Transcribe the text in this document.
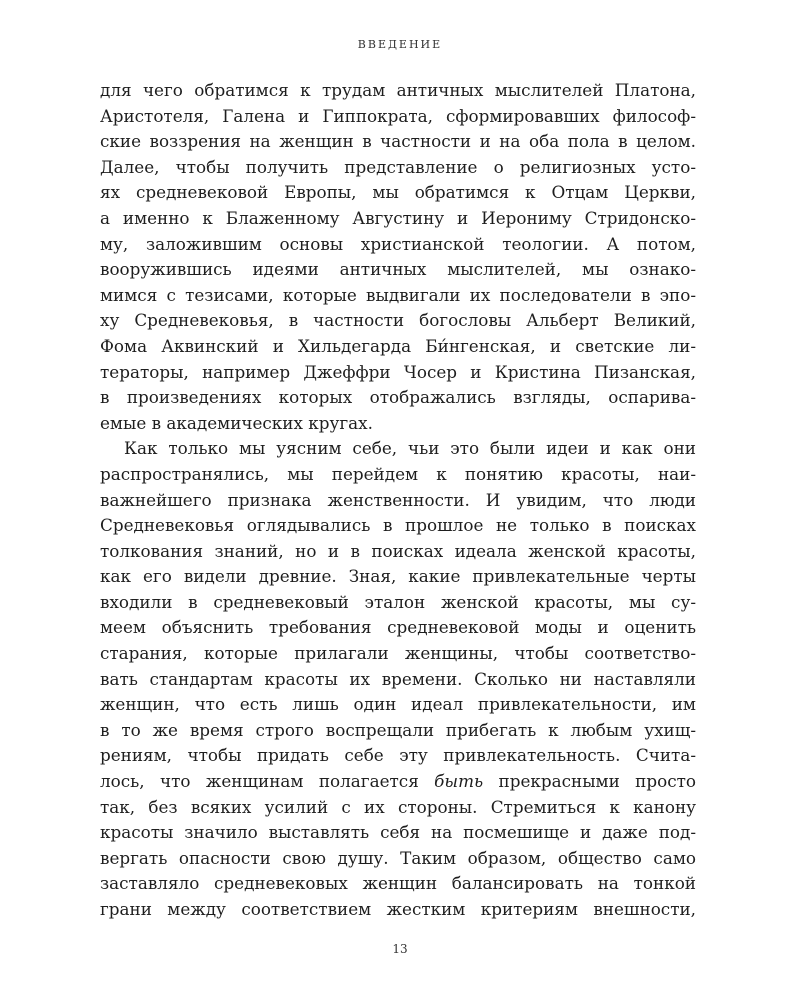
ВВЕДЕНИЕ
для чего обратимся к трудам античных мыслителей Платона,
Аристотеля, Галена и Гиппократа, сформировавших философ-
ские воззрения на женщин в частности и на оба пола в целом.
Далее, чтобы получить представление о религиозных усто-
ях средневековой Европы, мы обратимся к Отцам Церкви,
а именно к Блаженному Августину и Иерониму Стридонско-
му, заложившим основы христианской теологии. А потом,
вооружившись идеями античных мыслителей, мы ознако-
мимся с тезисами, которые выдвигали их последователи в эпо-
ху Средневековья, в частности богословы Альберт Великий,
Фома Аквинский и Хильдегарда Би́нгенская, и светские ли-
тераторы, например Джеффри Чосер и Кристина Пизанская,
в произведениях которых отображались взгляды, оспарива-
емые в академических кругах.
Как только мы уясним себе, чьи это были идеи и как они
распространялись, мы перейдем к понятию красоты, наи-
важнейшего признака женственности. И увидим, что люди
Средневековья оглядывались в прошлое не только в поисках
толкования знаний, но и в поисках идеала женской красоты,
как его видели древние. Зная, какие привлекательные черты
входили в средневековый эталон женской красоты, мы су-
меем объяснить требования средневековой моды и оценить
старания, которые прилагали женщины, чтобы соответство-
вать стандартам красоты их времени. Сколько ни наставляли
женщин, что есть лишь один идеал привлекательности, им
в то же время строго воспрещали прибегать к любым ухищ-
рениям, чтобы придать себе эту привлекательность. Счита-
лось, что женщинам полагается быть прекрасными просто
так, без всяких усилий с их стороны. Стремиться к канону
красоты значило выставлять себя на посмешище и даже под-
вергать опасности свою душу. Таким образом, общество само
заставляло средневековых женщин балансировать на тонкой
грани между соответствием жестким критериям внешности,
13
